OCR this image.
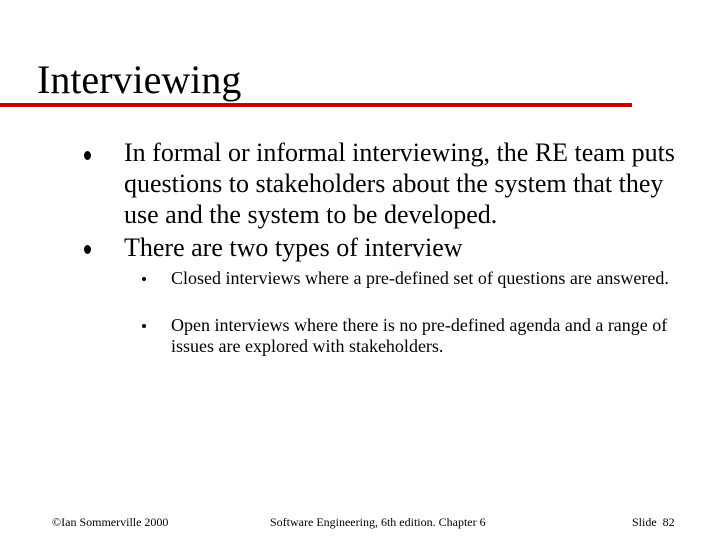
Interviewing
In formal or informal interviewing, the RE team puts questions to stakeholders about the system that they use and the system to be developed.
There are two types of interview
Closed interviews where a pre-defined set of questions are answered.
Open interviews where there is no pre-defined agenda and a range of issues are explored with stakeholders.
©Ian Sommerville 2000	Software Engineering, 6th edition. Chapter 6	Slide  82
